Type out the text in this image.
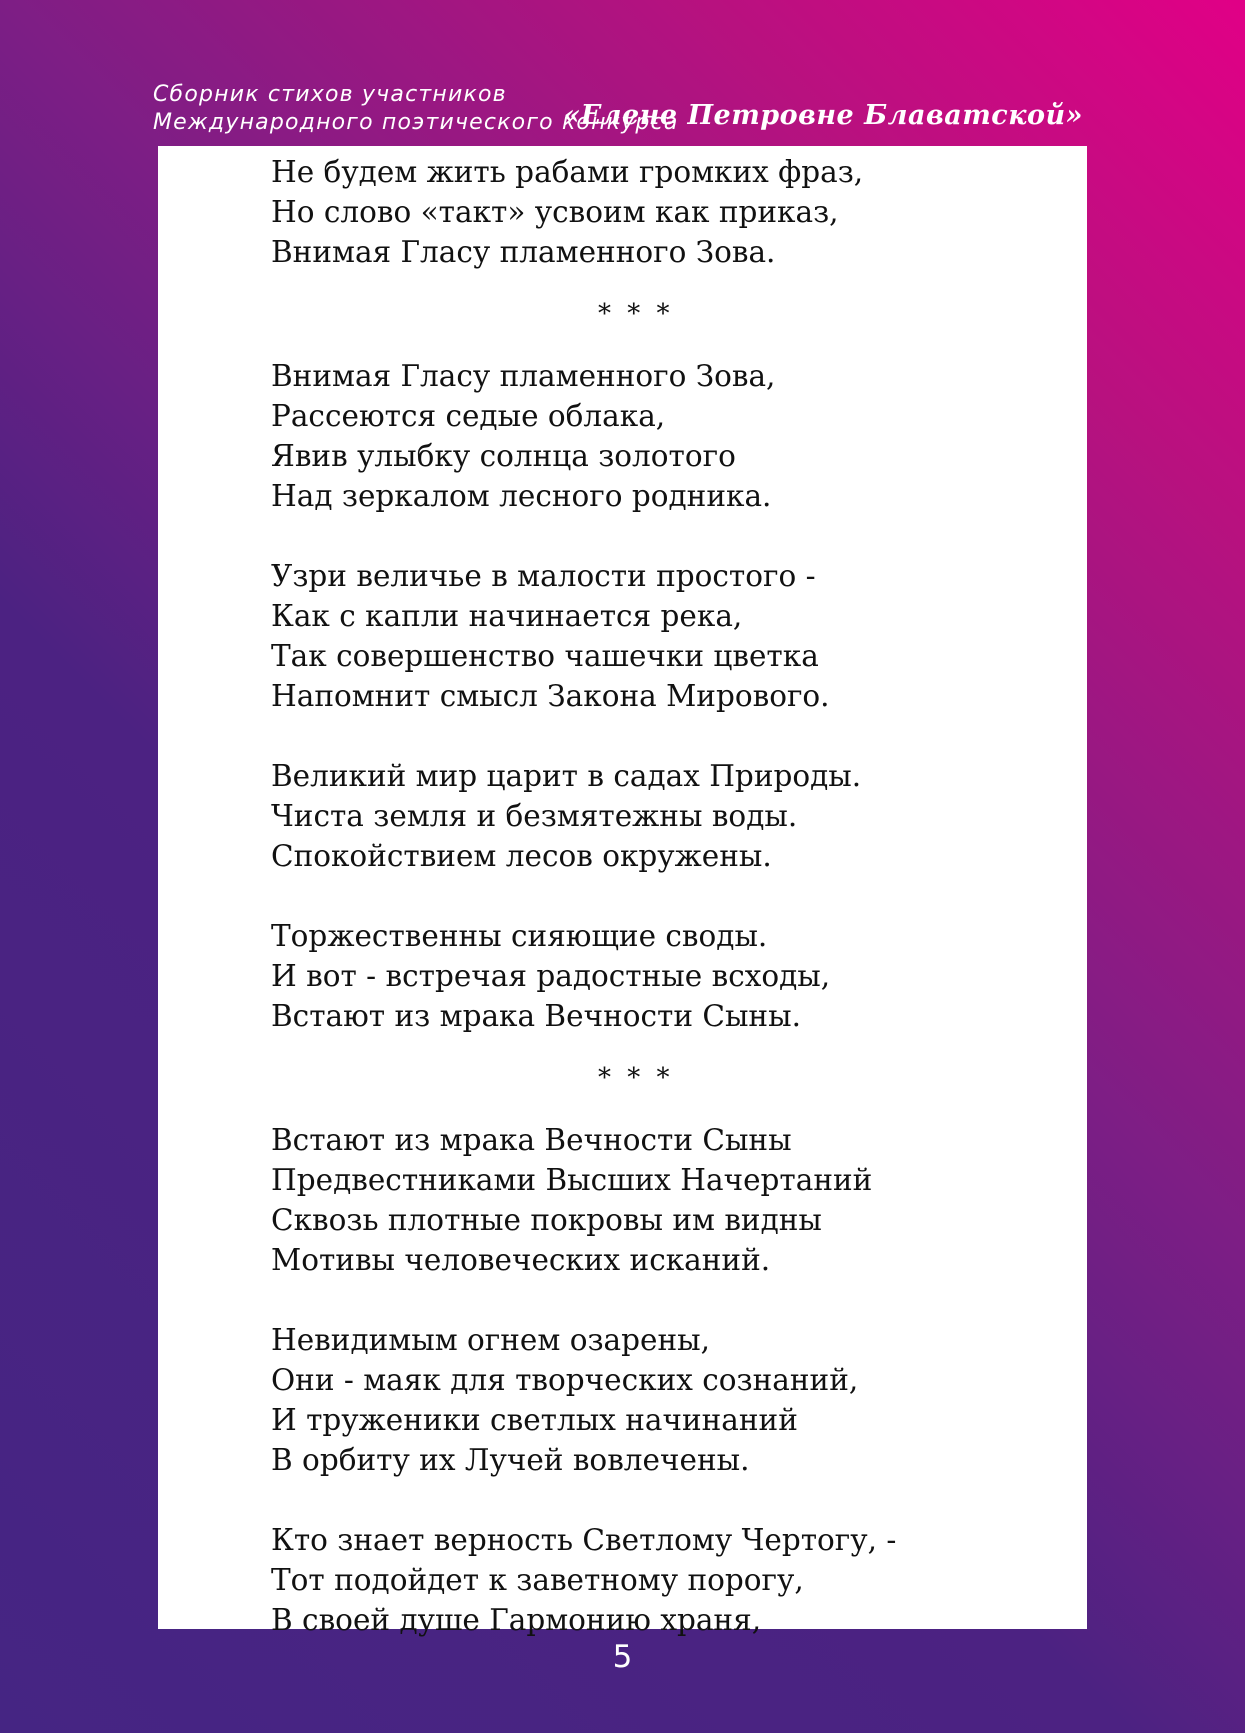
Сборник стихов участников
Международного поэтического конкурса
«Елене Петровне Блаватской»
Не будем жить рабами громких фраз,
Но слово «такт» усвоим как приказ,
Внимая Гласу пламенного Зова.
* * *
Внимая Гласу пламенного Зова,
Рассеются седые облака,
Явив улыбку солнца золотого
Над зеркалом лесного родника.
Узри величье в малости простого -
Как с капли начинается река,
Так совершенство чашечки цветка
Напомнит смысл Закона Мирового.
Великий мир царит в садах Природы.
Чиста земля и безмятежны воды.
Спокойствием лесов окружены.
Торжественны сияющие своды.
И вот - встречая радостные всходы,
Встают из мрака Вечности Сыны.
* * *
Встают из мрака Вечности Сыны
Предвестниками Высших Начертаний
Сквозь плотные покровы им видны
Мотивы человеческих исканий.
Невидимым огнем озарены,
Они - маяк для творческих сознаний,
И труженики светлых начинаний
В орбиту их Лучей вовлечены.
Кто знает верность Светлому Чертогу, -
Тот подойдет к заветному порогу,
В своей душе Гармонию храня,
5
